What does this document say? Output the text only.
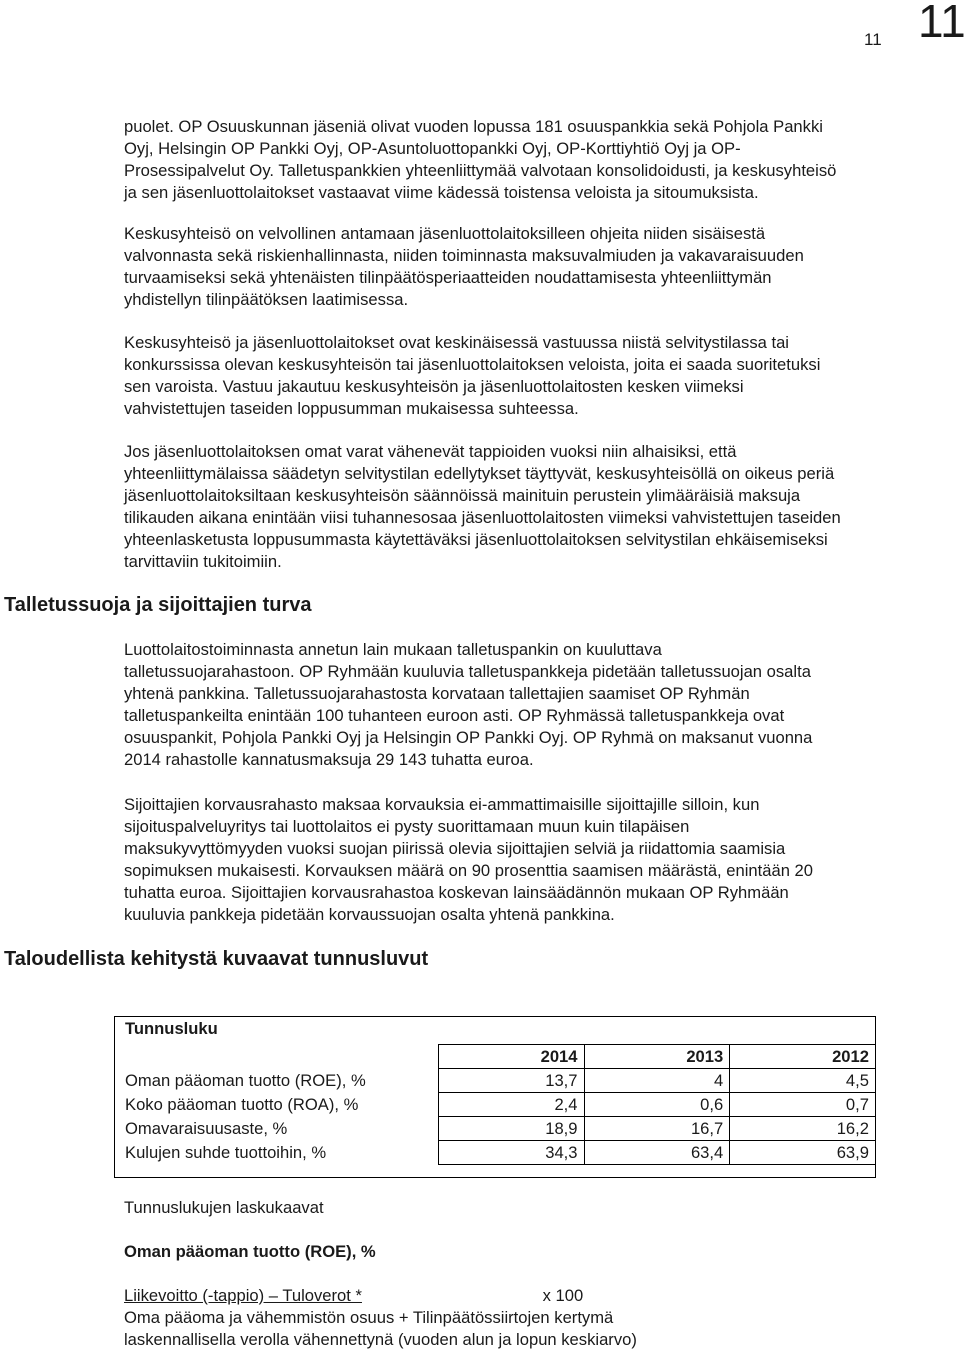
11 11

puolet. OP Osuuskunnan jäseniä olivat vuoden lopussa 181 osuuspankkia sekä Pohjola Pankki
Oyj, Helsingin OP Pankki Oyj, OP-Asuntoluottopankki Oyj, OP-Korttiyhtiö Oyj ja OP-
Prosessipalvelut Oy. Talletuspankkien yhteenliittymää valvotaan konsolidoidusti, ja keskusyhteisö
ja sen jäsenluottolaitokset vastaavat viime kädessä toistensa veloista ja sitoumuksista.

Keskusyhteisö on velvollinen antamaan jäsenluottolaitoksilleen ohjeita niiden sisäisestä
valvonnasta sekä riskienhallinnasta, niiden toiminnasta maksuvalmiuden ja vakavaraisuuden
turvaamiseksi sekä yhtenäisten tilinpäätösperiaatteiden noudattamisesta yhteenliittymän
yhdistellyn tilinpäätöksen laatimisessa.

Keskusyhteisö ja jäsenluottolaitokset ovat keskinäisessä vastuussa niistä selvitystilassa tai
konkurssissa olevan keskusyhteisön tai jäsenluottolaitoksen veloista, joita ei saada suoritetuksi
sen varoista. Vastuu jakautuu keskusyhteisön ja jäsenluottolaitosten kesken viimeksi
vahvistettujen taseiden loppusumman mukaisessa suhteessa.

Jos jäsenluottolaitoksen omat varat vähenevät tappioiden vuoksi niin alhaisiksi, että
yhteenliittymälaissa säädetyn selvitystilan edellytykset täyttyvät, keskusyhteisöllä on oikeus periä
jäsenluottolaitoksiltaan keskusyhteisön säännöissä mainituin perustein ylimääräisiä maksuja
tilikauden aikana enintään viisi tuhannesosaa jäsenluottolaitosten viimeksi vahvistettujen taseiden
yhteenlasketusta loppusummasta käytettäväksi jäsenluottolaitoksen selvitystilan ehkäisemiseksi
tarvittaviin tukitoimiin.

Talletussuoja ja sijoittajien turva

Luottolaitostoiminnasta annetun lain mukaan talletuspankin on kuuluttava
talletussuojarahastoon. OP Ryhmään kuuluvia talletuspankkeja pidetään talletussuojan osalta
yhtenä pankkina. Talletussuojarahastosta korvataan tallettajien saamiset OP Ryhmän
talletuspankeilta enintään 100 tuhanteen euroon asti. OP Ryhmässä talletuspankkeja ovat
osuuspankit, Pohjola Pankki Oyj ja Helsingin OP Pankki Oyj. OP Ryhmä on maksanut vuonna
2014 rahastolle kannatusmaksuja 29 143 tuhatta euroa.

Sijoittajien korvausrahasto maksaa korvauksia ei-ammattimaisille sijoittajille silloin, kun
sijoituspalveluyritys tai luottolaitos ei pysty suorittamaan muun kuin tilapäisen
maksukyvyttömyyden vuoksi suojan piirissä olevia sijoittajien selviä ja riidattomia saamisia
sopimuksen mukaisesti. Korvauksen määrä on 90 prosenttia saamisen määrästä, enintään 20
tuhatta euroa. Sijoittajien korvausrahastoa koskevan lainsäädännön mukaan OP Ryhmään
kuuluvia pankkeja pidetään korvaussuojan osalta yhtenä pankkina.

Taloudellista kehitystä kuvaavat tunnusluvut
Tunnusluku			
	2014	2013	2012
Oman pääoman tuotto (ROE), %	13,7	4	4,5
Koko pääoman tuotto (ROA), %	2,4	0,6	0,7
Omavaraisuusaste, %	18,9	16,7	16,2
Kulujen suhde tuottoihin, %	34,3	63,4	63,9

Tunnuslukujen laskukaavat
Oman pääoman tuotto (ROE), %
Liikevoitto (-tappio) – Tuloverot *	x 100
Oma pääoma ja vähemmistön osuus + Tilinpäätössiirtojen kertymä
laskennallisella verolla vähennettynä (vuoden alun ja lopun keskiarvo)
